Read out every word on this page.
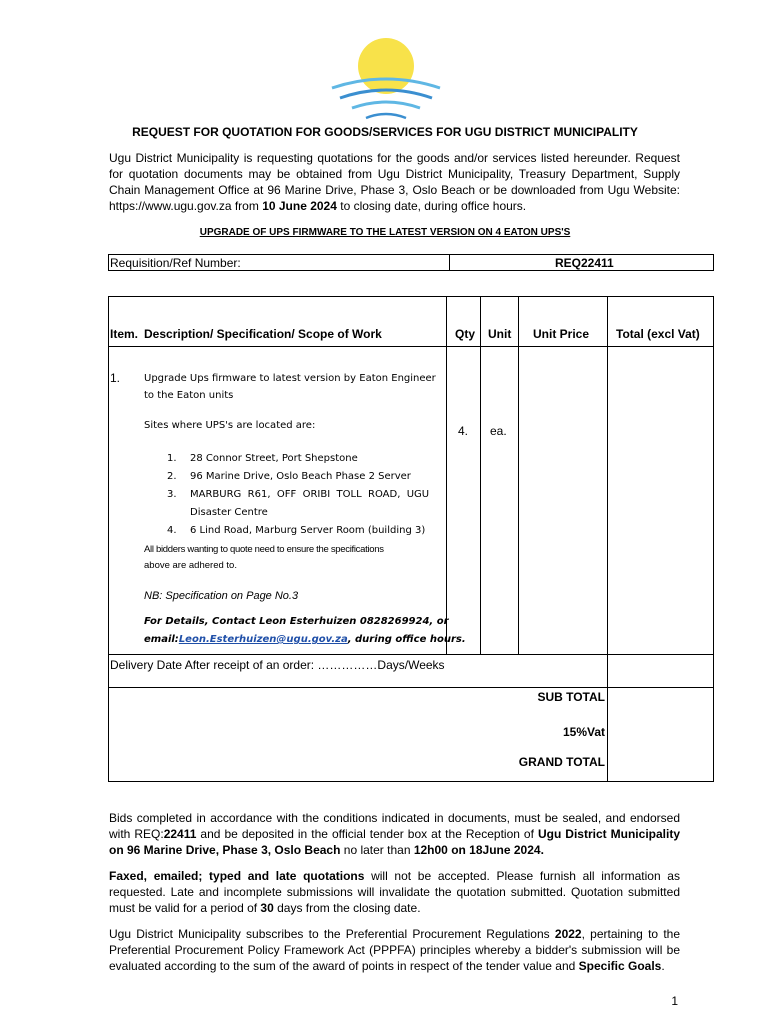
REQUEST FOR QUOTATION FOR GOODS/SERVICES FOR UGU DISTRICT MUNICIPALITY
Ugu District Municipality is requesting quotations for the goods and/or services listed hereunder. Request for quotation documents may be obtained from Ugu District Municipality, Treasury Department, Supply Chain Management Office at 96 Marine Drive, Phase 3, Oslo Beach or be downloaded from Ugu Website: https://www.ugu.gov.za from 10 June 2024 to closing date, during office hours.
UPGRADE OF UPS FIRMWARE TO THE LATEST VERSION ON 4 EATON UPS'S
Requisition/Ref Number:	REQ22411
Item. Description/ Specification/ Scope of Work	Qty Unit Unit Price Total (excl Vat)
1. Upgrade Ups firmware to latest version by Eaton Engineer
to the Eaton units
Sites where UPS's are located are:
1. 28 Connor Street, Port Shepstone
2. 96 Marine Drive, Oslo Beach Phase 2 Server
3. MARBURG  R61,  OFF  ORIBI  TOLL  ROAD,  UGU
Disaster Centre
4. 6 Lind Road, Marburg Server Room (building 3)
All bidders wanting to quote need to ensure the specifications
above are adhered to.
NB: Specification on Page No.3
For Details, Contact Leon Esterhuizen 0828269924, or
email:Leon.Esterhuizen@ugu.gov.za, during office hours.
4. ea.
Delivery Date After receipt of an order: ……………Days/Weeks
SUB TOTAL
15%Vat
GRAND TOTAL
Bids completed in accordance with the conditions indicated in documents, must be sealed, and endorsed with REQ:22411 and be deposited in the official tender box at the Reception of Ugu District Municipality on 96 Marine Drive, Phase 3, Oslo Beach no later than 12h00 on 18June 2024.
Faxed, emailed; typed and late quotations will not be accepted. Please furnish all information as requested. Late and incomplete submissions will invalidate the quotation submitted. Quotation submitted must be valid for a period of 30 days from the closing date.
Ugu District Municipality subscribes to the Preferential Procurement Regulations 2022, pertaining to the Preferential Procurement Policy Framework Act (PPPFA) principles whereby a bidder's submission will be evaluated according to the sum of the award of points in respect of the tender value and Specific Goals.
1
